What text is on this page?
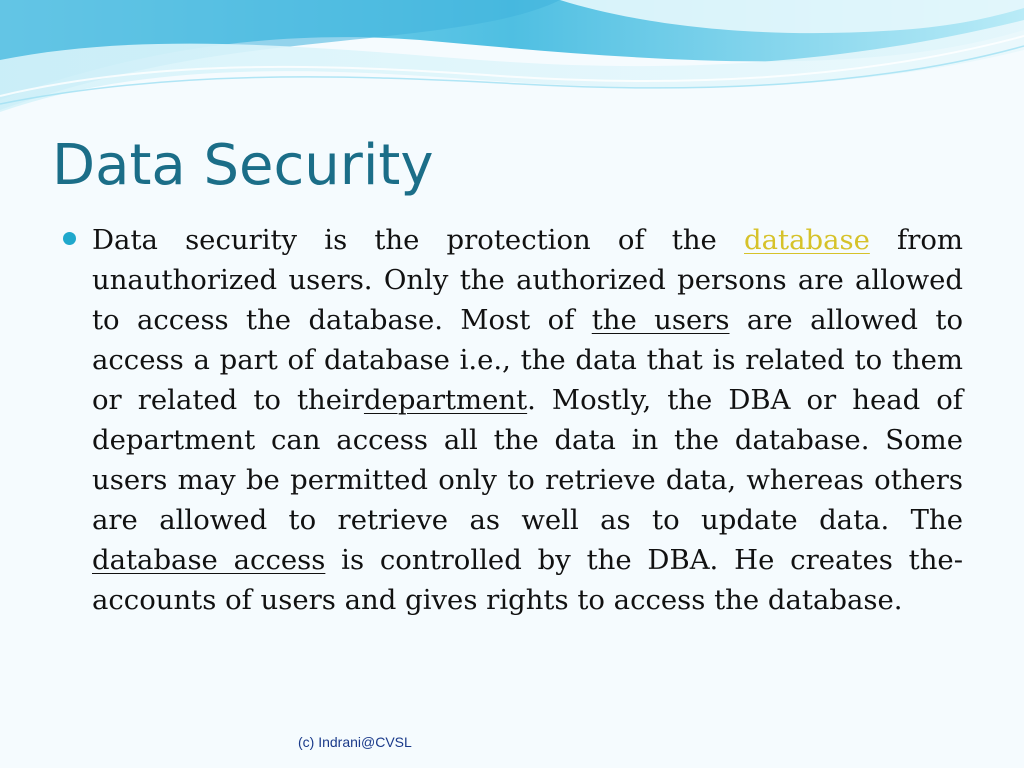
Data Security

Data security is the protection of the database from unauthorized users. Only the authorized persons are allowed to access the database. Most of the users are allowed to access a part of database i.e., the data that is related to them or related to theirdepartment. Mostly, the DBA or head of department can access all the data in the database. Some users may be permitted only to retrieve data, whereas others are allowed to retrieve as well as to update data. The database access is controlled by the DBA. He creates the-accounts of users and gives rights to access the database.

(c) Indrani@CVSL
